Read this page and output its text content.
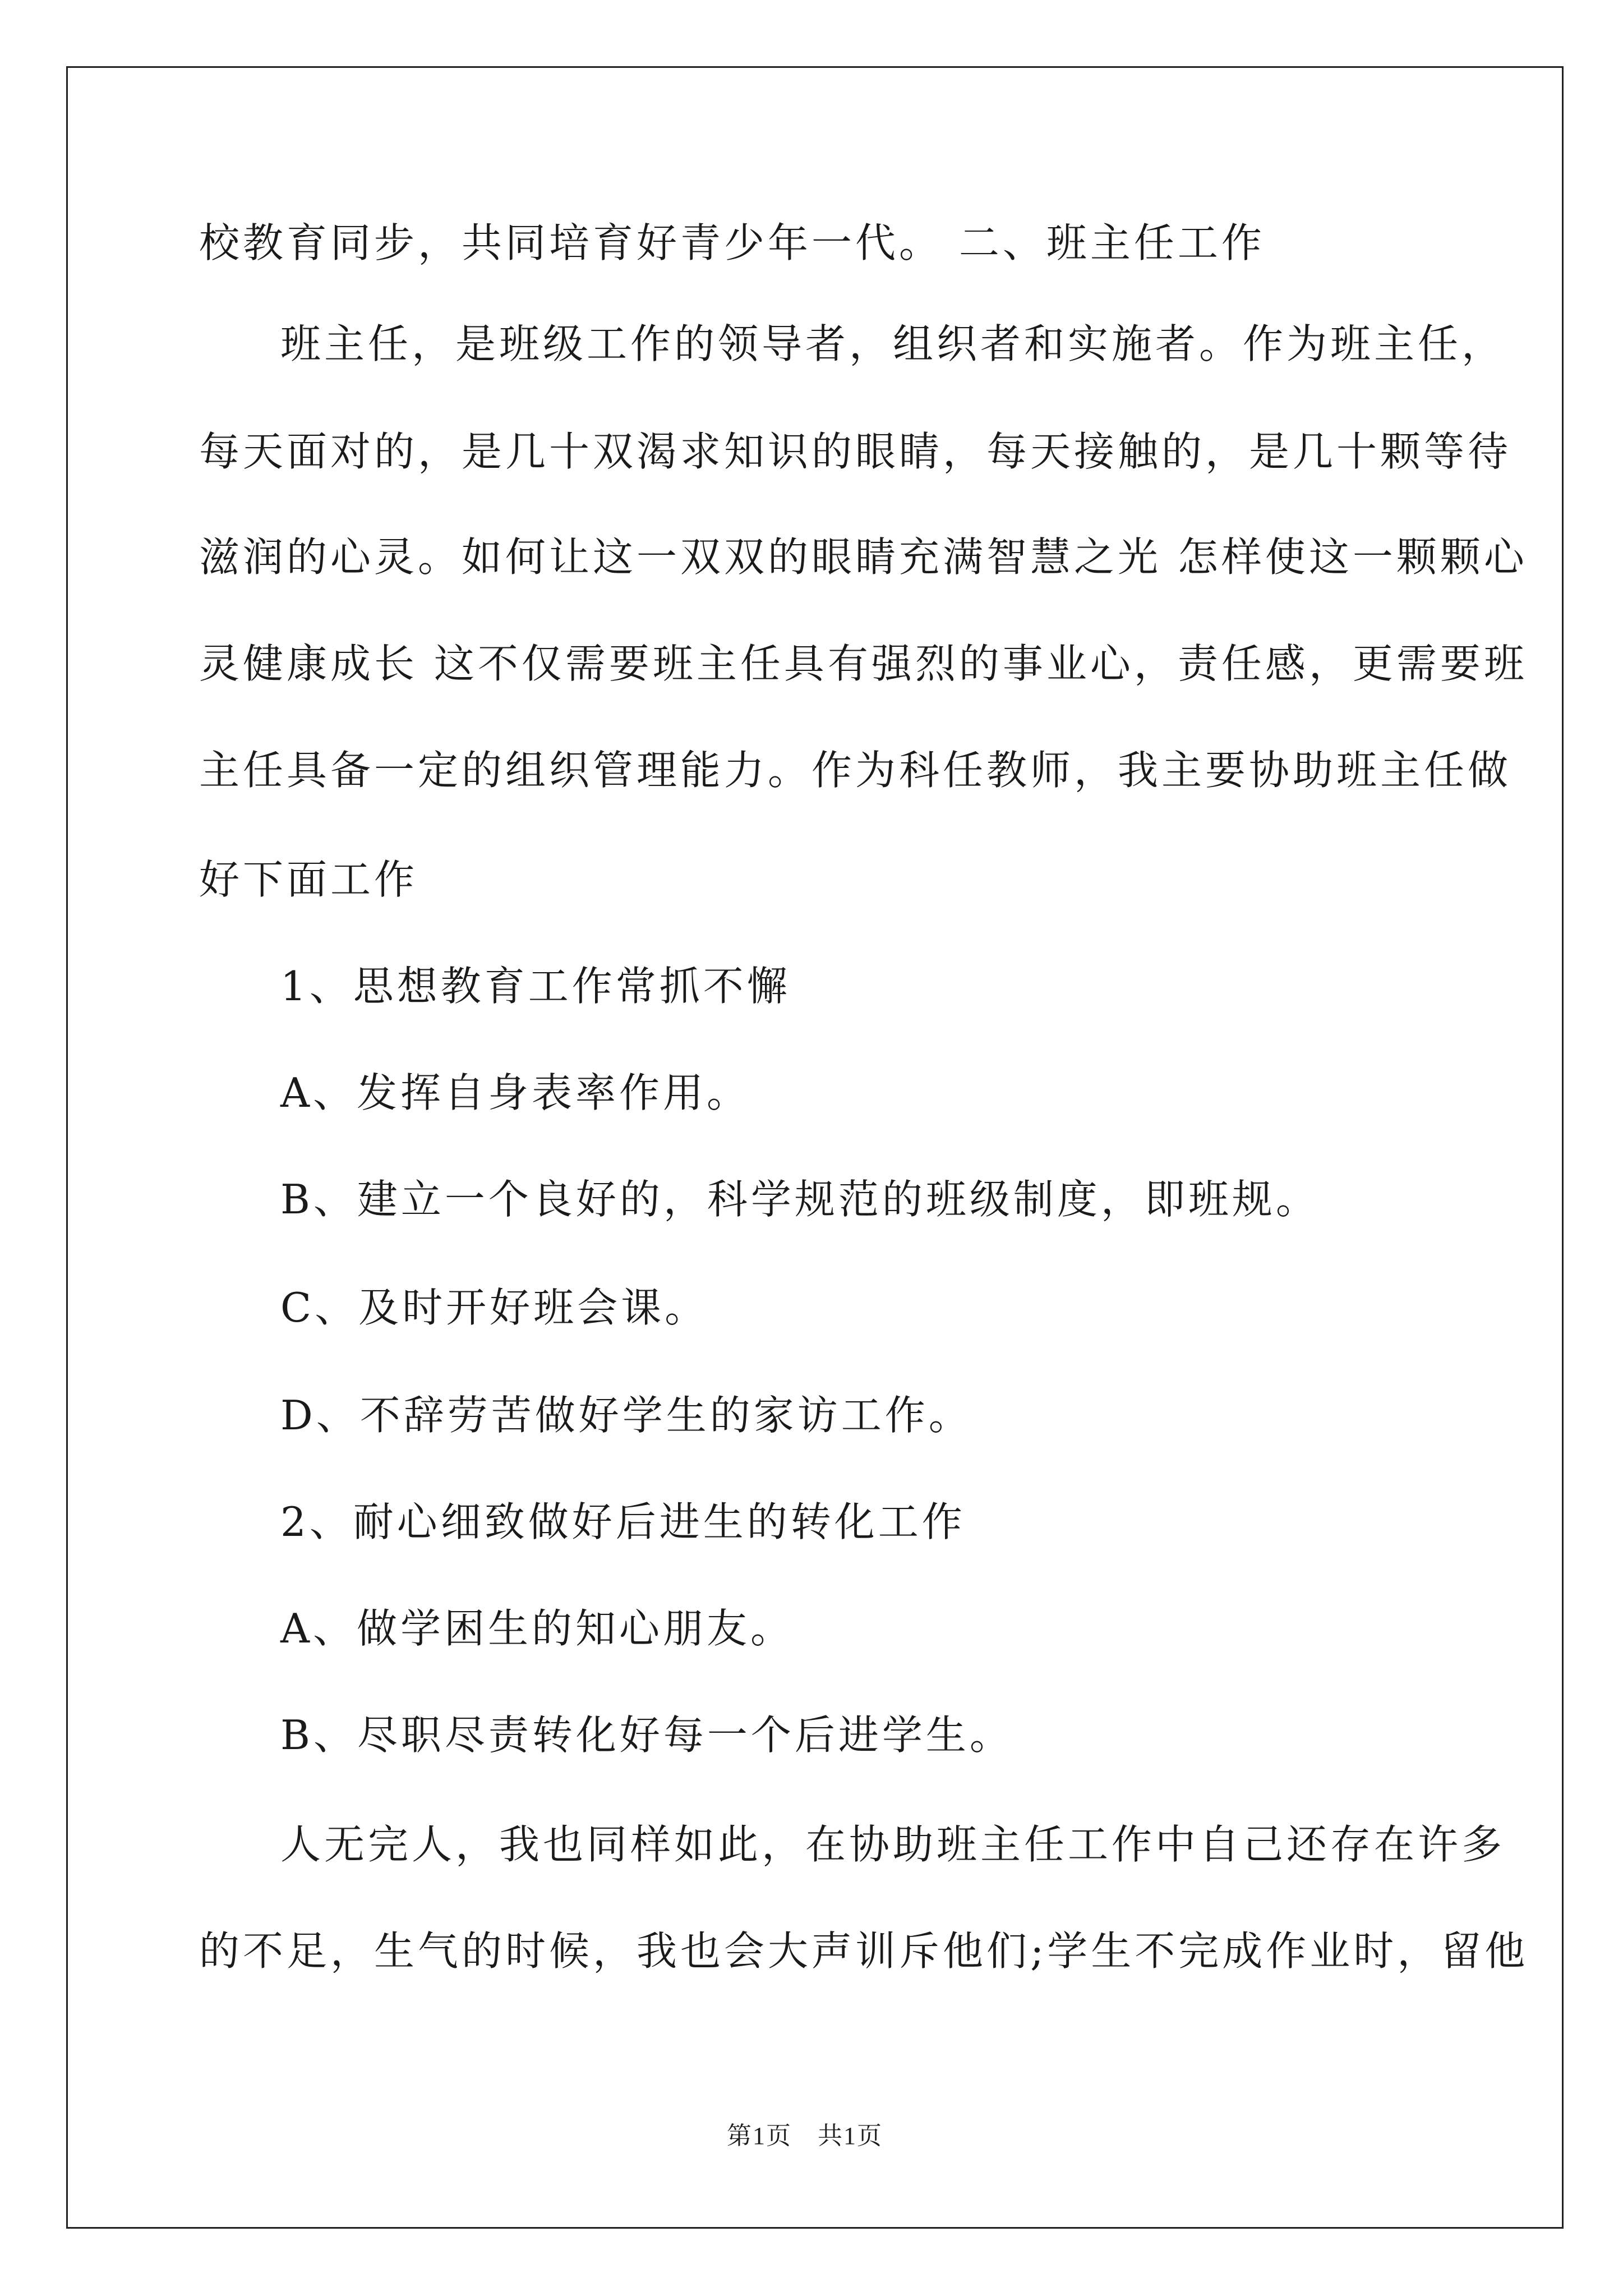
校教育同步，共同培育好青少年一代。 二、班主任工作
班主任，是班级工作的领导者，组织者和实施者。作为班主任，
每天面对的，是几十双渴求知识的眼睛，每天接触的，是几十颗等待
滋润的心灵。如何让这一双双的眼睛充满智慧之光 怎样使这一颗颗心
灵健康成长 这不仅需要班主任具有强烈的事业心，责任感，更需要班
主任具备一定的组织管理能力。作为科任教师，我主要协助班主任做
好下面工作
1、思想教育工作常抓不懈
A、发挥自身表率作用。
B、建立一个良好的，科学规范的班级制度，即班规。
C、及时开好班会课。
D、不辞劳苦做好学生的家访工作。
2、耐心细致做好后进生的转化工作
A、做学困生的知心朋友。
B、尽职尽责转化好每一个后进学生。
人无完人，我也同样如此，在协助班主任工作中自己还存在许多
的不足，生气的时候，我也会大声训斥他们;学生不完成作业时，留他
第1页　共1页
